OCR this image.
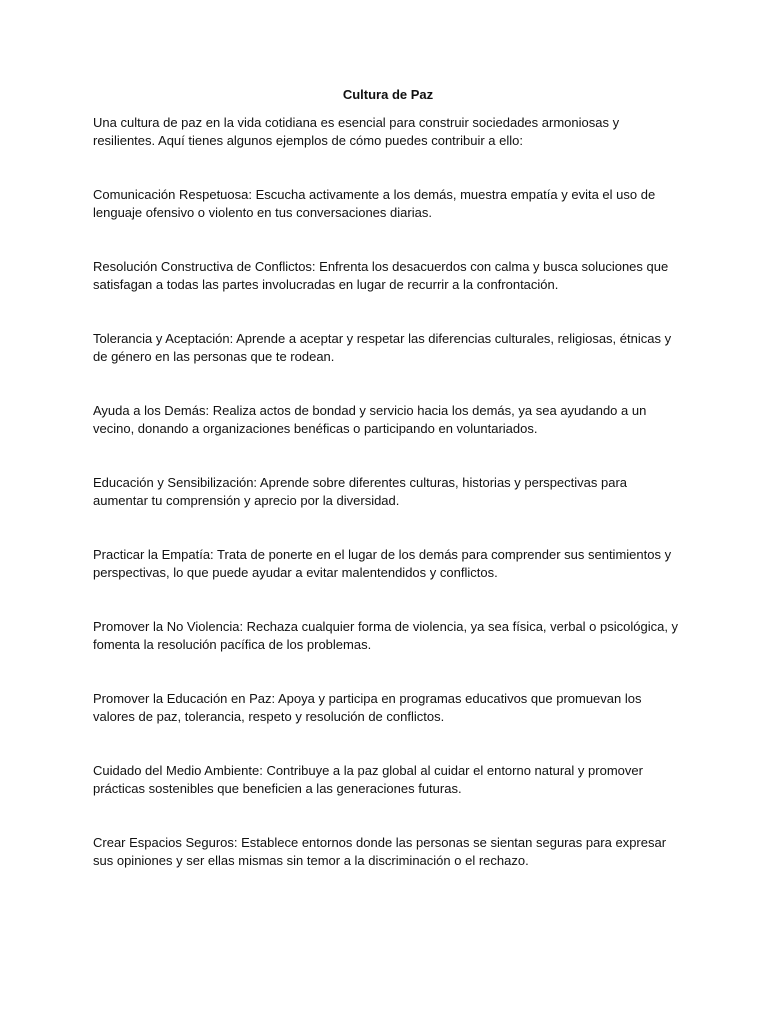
Cultura de Paz

Una cultura de paz en la vida cotidiana es esencial para construir sociedades armoniosas y resilientes. Aquí tienes algunos ejemplos de cómo puedes contribuir a ello:

Comunicación Respetuosa: Escucha activamente a los demás, muestra empatía y evita el uso de lenguaje ofensivo o violento en tus conversaciones diarias.

Resolución Constructiva de Conflictos: Enfrenta los desacuerdos con calma y busca soluciones que satisfagan a todas las partes involucradas en lugar de recurrir a la confrontación.

Tolerancia y Aceptación: Aprende a aceptar y respetar las diferencias culturales, religiosas, étnicas y de género en las personas que te rodean.

Ayuda a los Demás: Realiza actos de bondad y servicio hacia los demás, ya sea ayudando a un vecino, donando a organizaciones benéficas o participando en voluntariados.

Educación y Sensibilización: Aprende sobre diferentes culturas, historias y perspectivas para aumentar tu comprensión y aprecio por la diversidad.

Practicar la Empatía: Trata de ponerte en el lugar de los demás para comprender sus sentimientos y perspectivas, lo que puede ayudar a evitar malentendidos y conflictos.

Promover la No Violencia: Rechaza cualquier forma de violencia, ya sea física, verbal o psicológica, y fomenta la resolución pacífica de los problemas.

Promover la Educación en Paz: Apoya y participa en programas educativos que promuevan los valores de paz, tolerancia, respeto y resolución de conflictos.

Cuidado del Medio Ambiente: Contribuye a la paz global al cuidar el entorno natural y promover prácticas sostenibles que beneficien a las generaciones futuras.

Crear Espacios Seguros: Establece entornos donde las personas se sientan seguras para expresar sus opiniones y ser ellas mismas sin temor a la discriminación o el rechazo.
